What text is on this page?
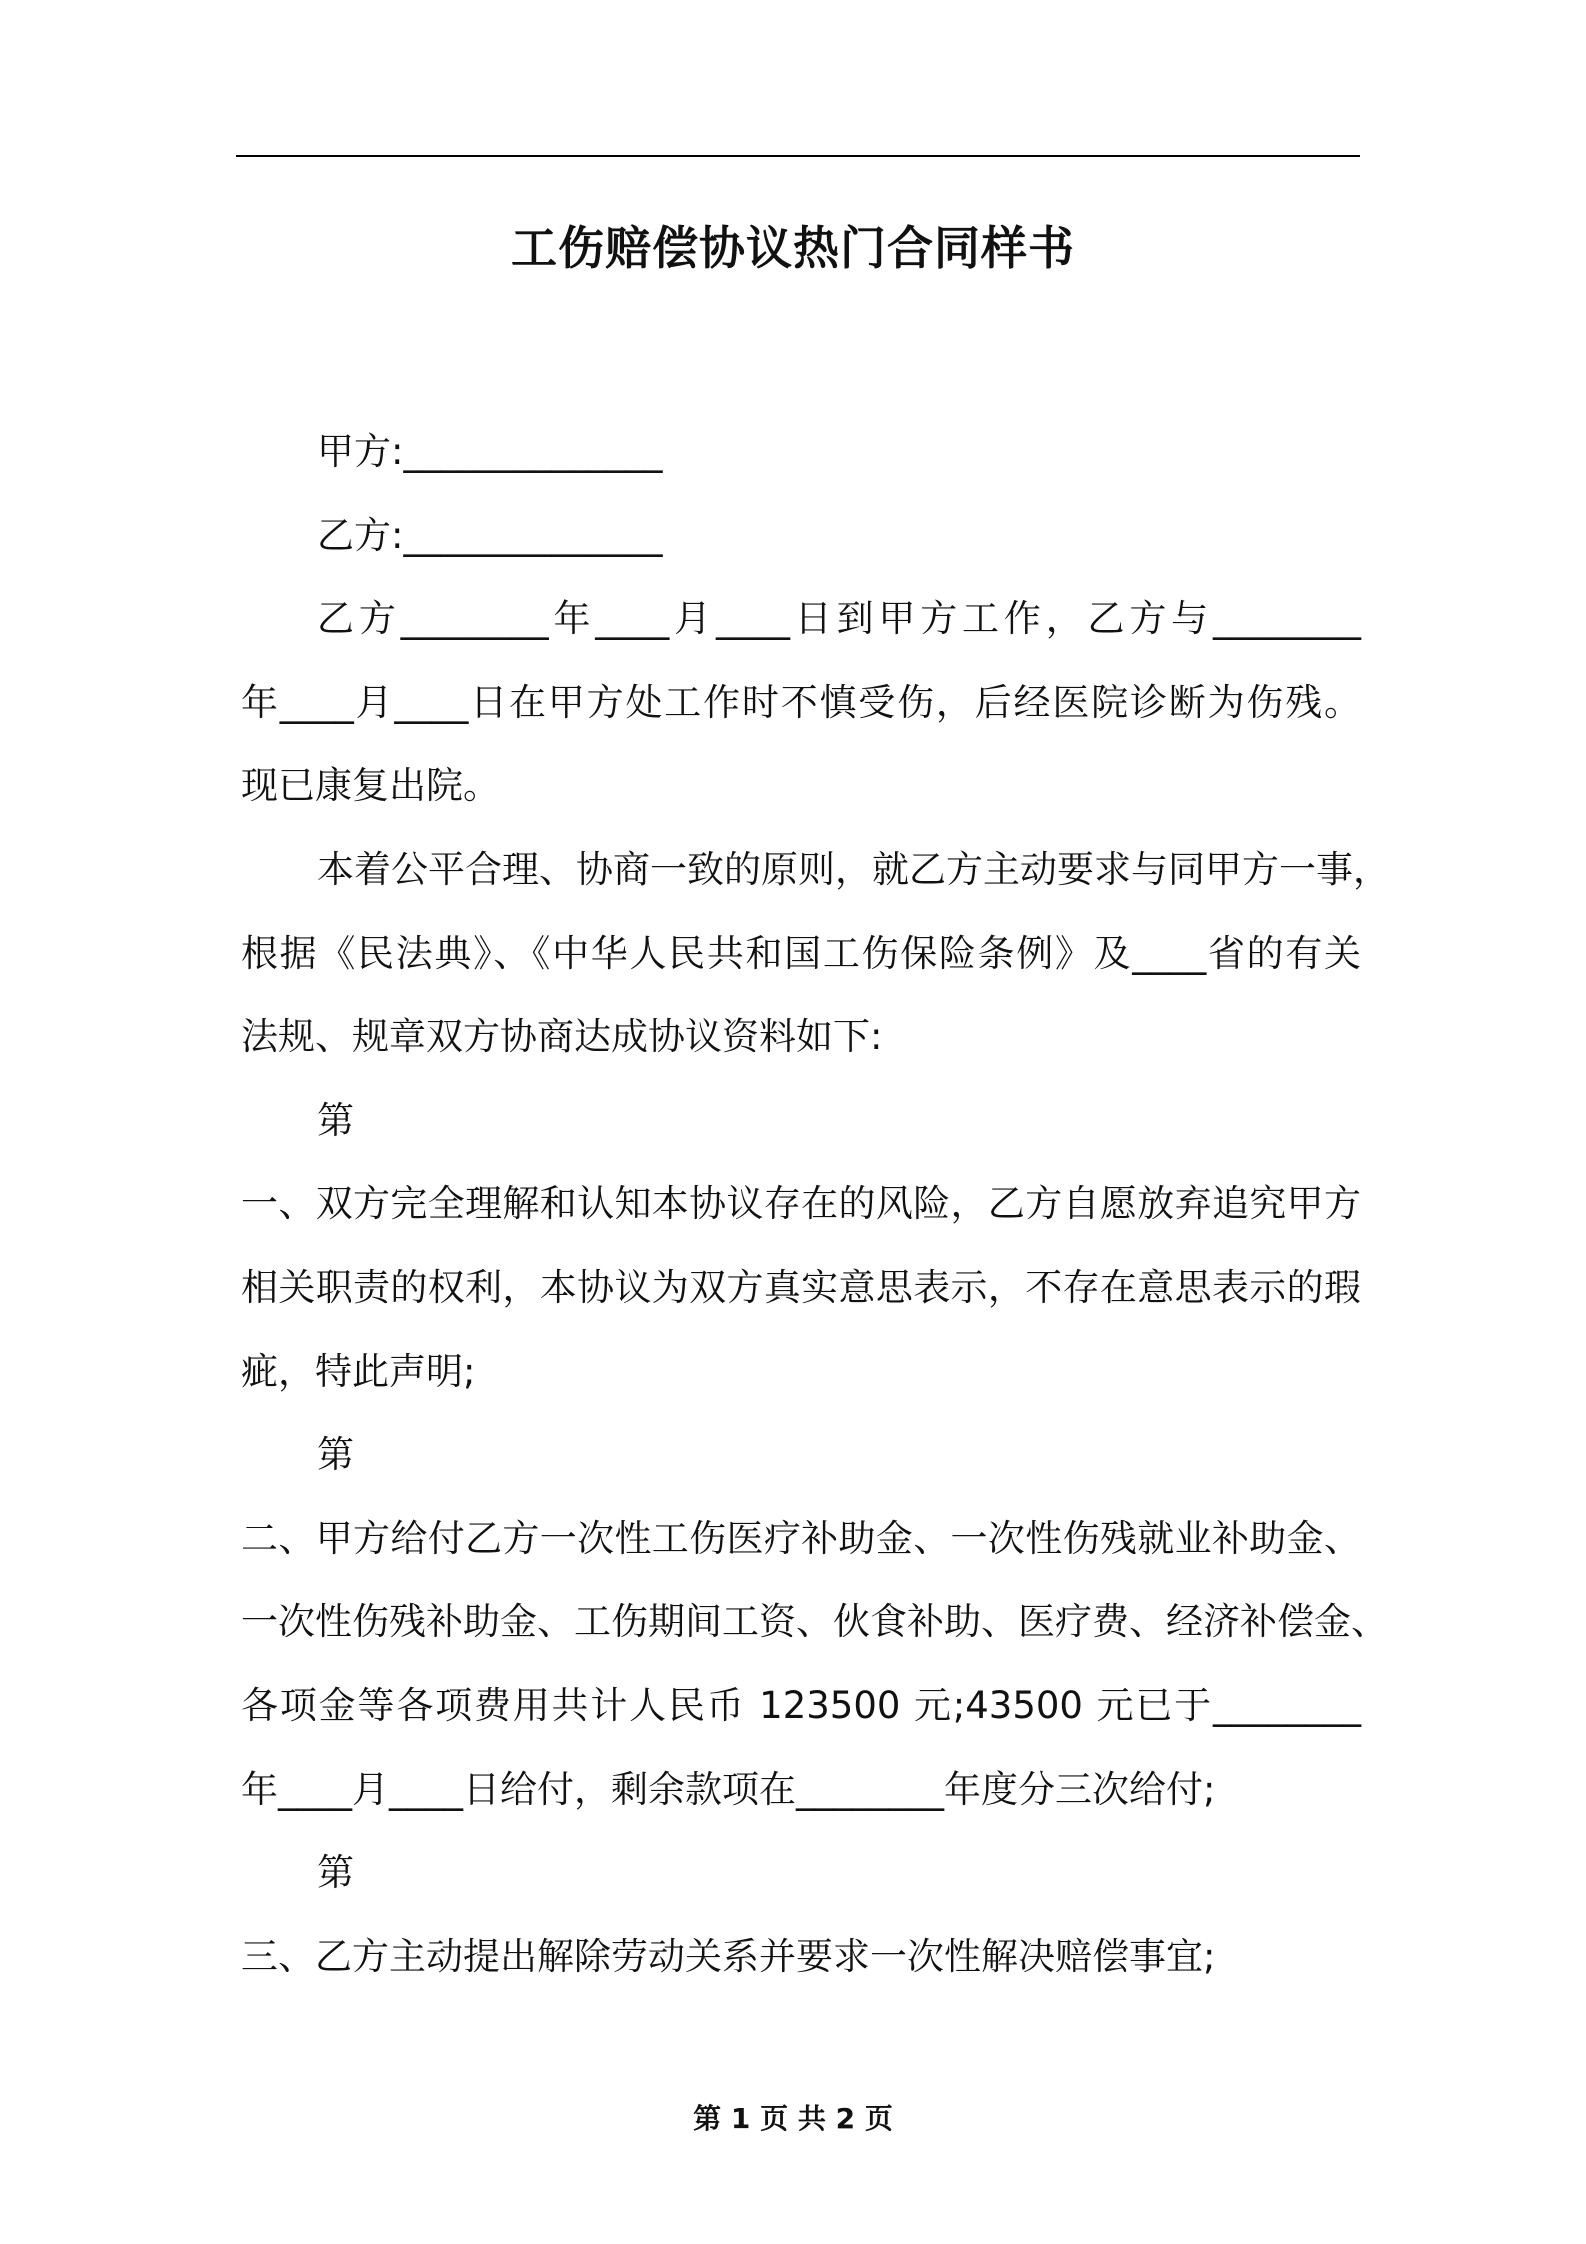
工伤赔偿协议热门合同样书
甲方:______________
乙方:______________
乙方________年____月____日到甲方工作，乙方与________
年____月____日在甲方处工作时不慎受伤，后经医院诊断为伤残。
现已康复出院。
本着公平合理、协商一致的原则，就乙方主动要求与同甲方一事，
根据《民法典》、《中华人民共和国工伤保险条例》及____省的有关
法规、规章双方协商达成协议资料如下:
第
一、双方完全理解和认知本协议存在的风险，乙方自愿放弃追究甲方
相关职责的权利，本协议为双方真实意思表示，不存在意思表示的瑕
疵，特此声明;
第
二、甲方给付乙方一次性工伤医疗补助金、一次性伤残就业补助金、
一次性伤残补助金、工伤期间工资、伙食补助、医疗费、经济补偿金、
各项金等各项费用共计人民币 123500 元;43500 元已于________
年____月____日给付，剩余款项在________年度分三次给付;
第
三、乙方主动提出解除劳动关系并要求一次性解决赔偿事宜;

第 1 页 共 2 页
